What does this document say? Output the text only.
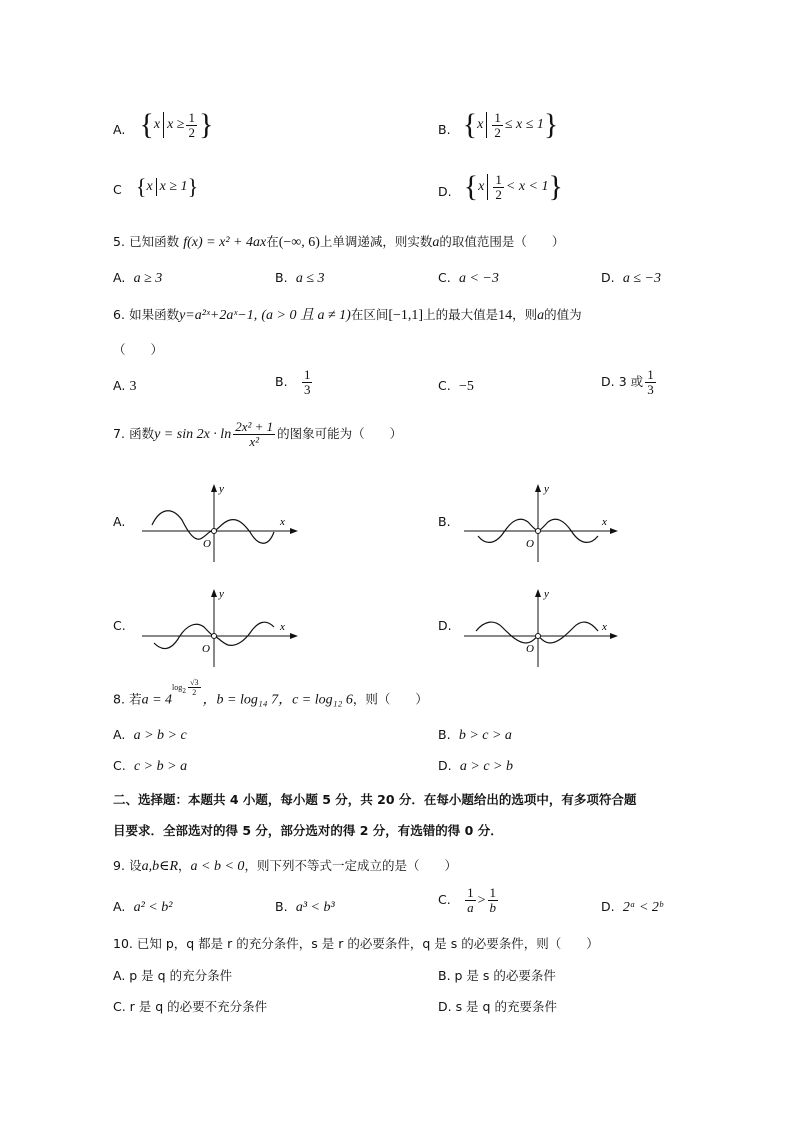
A. { x $x \ge \frac{1}{2}$ }	B. { x $\frac{1}{2} \le x \le 1$ }
C { x x ≥ 1 }	D. { x $\frac{1}{2} < x < 1$ }
5. 已知函数 f(x) = x² + 4ax在(−∞, 6)上单调递减，则实数a的取值范围是（　　）
A. a ≥ 3	B. a ≤ 3	C. a < −3	D. a ≤ −3
6. 如果函数y=a²ˣ+2aˣ−1, (a > 0 且 a ≠ 1)在区间[−1,1]上的最大值是14，则a的值为
（　　）
A. 3	B. $\frac{1}{3}$	C. −5	D. 3 或 $\frac{1}{3}$
7. 函数$y = \sin 2x \cdot \ln \frac{\text{2x² + 1}}{\text{x²}}$ 的图象可能为（　　）
A.	B.
C.	D.
y
x
O
y
x
O
y
x
O
y
x
O
8. 若$a = 4^{log_2 \frac{√3}{2}}$
，b = log₁₄ 7，c = log₁₂ 6，则（　　）
A. a > b > c	B. b > c > a
C. c > b > a	D. a > c > b
二、选择题：本题共 4 小题，每小题 5 分，共 20 分．在每小题给出的选项中，有多项符合题
目要求．全部选对的得 5 分，部分选对的得 2 分，有选错的得 0 分．
9. 设a,b∈R，a < b < 0，则下列不等式一定成立的是（　　）
A. a² < b²	B. a³ < b³
C. $\frac{1}{a} > \frac{1}{b}$	D. 2ᵃ < 2ᵇ
10. 已知 p，q 都是 r 的充分条件，s 是 r 的必要条件，q 是 s 的必要条件，则（　　）
A. p 是 q 的充分条件	B. p 是 s 的必要条件
C. r 是 q 的必要不充分条件	D. s 是 q 的充要条件
